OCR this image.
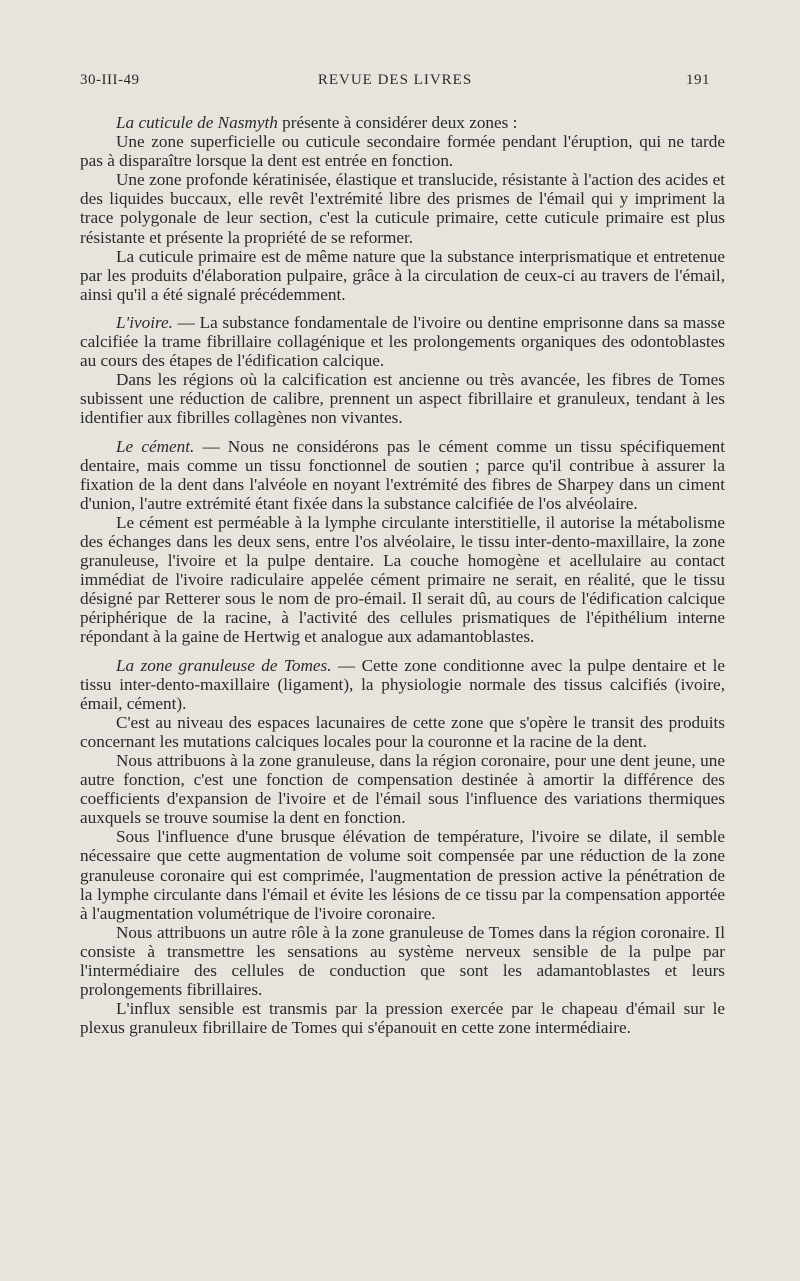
30-III-49	REVUE DES LIVRES	191

La cuticule de Nasmyth présente à considérer deux zones :

Une zone superficielle ou cuticule secondaire formée pendant l'éruption, qui ne tarde pas à disparaître lorsque la dent est entrée en fonction.

Une zone profonde kératinisée, élastique et translucide, résistante à l'action des acides et des liquides buccaux, elle revêt l'extrémité libre des prismes de l'émail qui y impriment la trace polygonale de leur section, c'est la cuticule primaire, cette cuticule primaire est plus résistante et présente la propriété de se reformer.

La cuticule primaire est de même nature que la substance interprismatique et entretenue par les produits d'élaboration pulpaire, grâce à la circulation de ceux-ci au travers de l'émail, ainsi qu'il a été signalé précédemment.

L'ivoire. — La substance fondamentale de l'ivoire ou dentine emprisonne dans sa masse calcifiée la trame fibrillaire collagénique et les prolongements organiques des odontoblastes au cours des étapes de l'édification calcique.

Dans les régions où la calcification est ancienne ou très avancée, les fibres de Tomes subissent une réduction de calibre, prennent un aspect fibrillaire et granuleux, tendant à les identifier aux fibrilles collagènes non vivantes.

Le cément. — Nous ne considérons pas le cément comme un tissu spécifiquement dentaire, mais comme un tissu fonctionnel de soutien ; parce qu'il contribue à assurer la fixation de la dent dans l'alvéole en noyant l'extrémité des fibres de Sharpey dans un ciment d'union, l'autre extrémité étant fixée dans la substance calcifiée de l'os alvéolaire.

Le cément est perméable à la lymphe circulante interstitielle, il autorise la métabolisme des échanges dans les deux sens, entre l'os alvéolaire, le tissu inter-dento-maxillaire, la zone granuleuse, l'ivoire et la pulpe dentaire. La couche homogène et acellulaire au contact immédiat de l'ivoire radiculaire appelée cément primaire ne serait, en réalité, que le tissu désigné par Retterer sous le nom de pro-émail. Il serait dû, au cours de l'édification calcique périphérique de la racine, à l'activité des cellules prismatiques de l'épithélium interne répondant à la gaine de Hertwig et analogue aux adamantoblastes.

La zone granuleuse de Tomes. — Cette zone conditionne avec la pulpe dentaire et le tissu inter-dento-maxillaire (ligament), la physiologie normale des tissus calcifiés (ivoire, émail, cément).

C'est au niveau des espaces lacunaires de cette zone que s'opère le transit des produits concernant les mutations calciques locales pour la couronne et la racine de la dent.

Nous attribuons à la zone granuleuse, dans la région coronaire, pour une dent jeune, une autre fonction, c'est une fonction de compensation destinée à amortir la différence des coefficients d'expansion de l'ivoire et de l'émail sous l'influence des variations thermiques auxquels se trouve soumise la dent en fonction.

Sous l'influence d'une brusque élévation de température, l'ivoire se dilate, il semble nécessaire que cette augmentation de volume soit compensée par une réduction de la zone granuleuse coronaire qui est comprimée, l'augmentation de pression active la pénétration de la lymphe circulante dans l'émail et évite les lésions de ce tissu par la compensation apportée à l'augmentation volumétrique de l'ivoire coronaire.

Nous attribuons un autre rôle à la zone granuleuse de Tomes dans la région coronaire. Il consiste à transmettre les sensations au système nerveux sensible de la pulpe par l'intermédiaire des cellules de conduction que sont les adamantoblastes et leurs prolongements fibrillaires.

L'influx sensible est transmis par la pression exercée par le chapeau d'émail sur le plexus granuleux fibrillaire de Tomes qui s'épanouit en cette zone intermédiaire.
